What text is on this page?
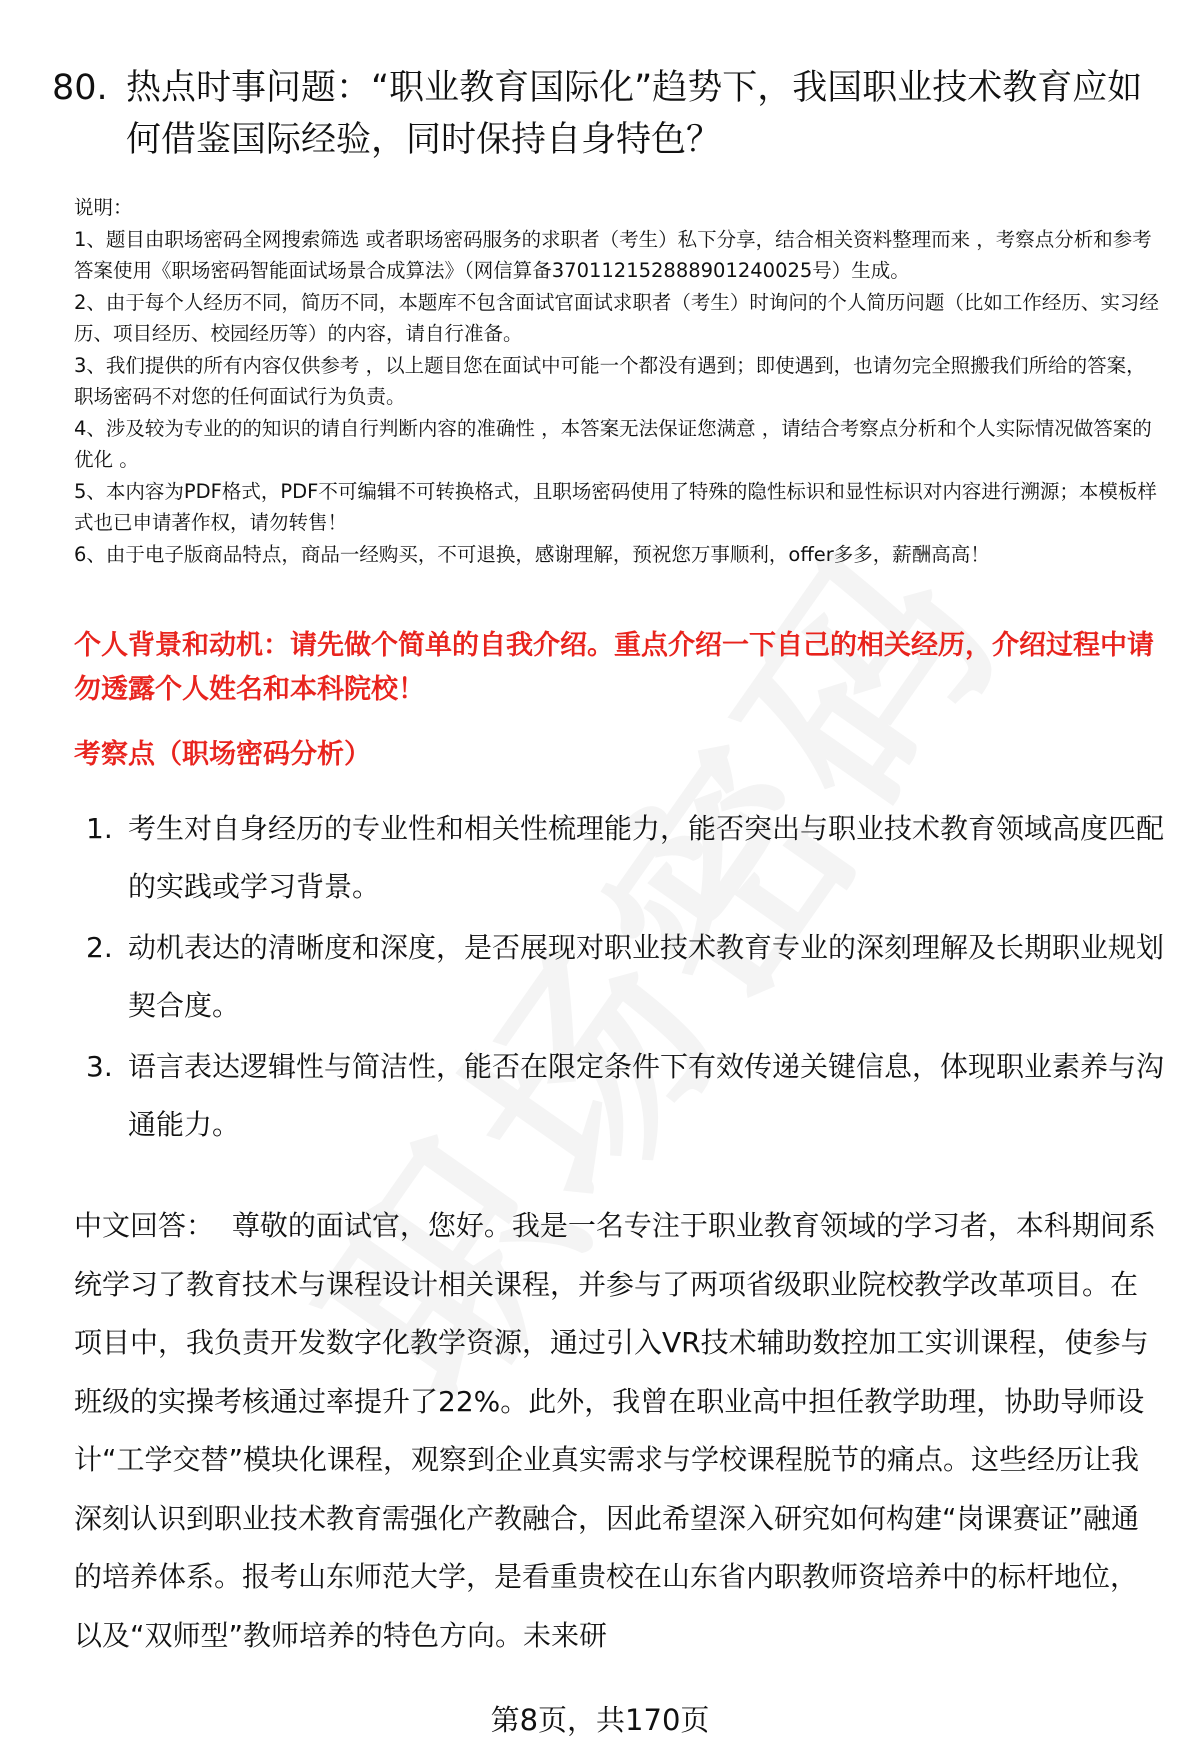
80. 热点时事问题：“职业教育国际化”趋势下，我国职业技术教育应如何借鉴国际经验，同时保持自身特色？

说明：

1、题目由职场密码全网搜索筛选 或者职场密码服务的求职者（考生）私下分享，结合相关资料整理而来 ，考察点分析和参考答案使用《职场密码智能面试场景合成算法》（网信算备370112152888901240025号）生成。

2、由于每个人经历不同，简历不同，本题库不包含面试官面试求职者（考生）时询问的个人简历问题（比如工作经历、实习经历、项目经历、校园经历等）的内容，请自行准备。

3、我们提供的所有内容仅供参考 ，以上题目您在面试中可能一个都没有遇到；即使遇到，也请勿完全照搬我们所给的答案，职场密码不对您的任何面试行为负责。

4、涉及较为专业的的知识的请自行判断内容的准确性 ，本答案无法保证您满意 ，请结合考察点分析和个人实际情况做答案的优化 。

5、本内容为PDF格式，PDF不可编辑不可转换格式，且职场密码使用了特殊的隐性标识和显性标识对内容进行溯源；本模板样式也已申请著作权，请勿转售！

6、由于电子版商品特点，商品一经购买，不可退换，感谢理解，预祝您万事顺利，offer多多，薪酬高高！

个人背景和动机：请先做个简单的自我介绍。重点介绍一下自己的相关经历，介绍过程中请勿透露个人姓名和本科院校！
考察点（职场密码分析）
1. 考生对自身经历的专业性和相关性梳理能力，能否突出与职业技术教育领域高度匹配的实践或学习背景。
2. 动机表达的清晰度和深度，是否展现对职业技术教育专业的深刻理解及长期职业规划契合度。
3. 语言表达逻辑性与简洁性，能否在限定条件下有效传递关键信息，体现职业素养与沟通能力。

中文回答： 尊敬的面试官，您好。我是一名专注于职业教育领域的学习者，本科期间系统学习了教育技术与课程设计相关课程，并参与了两项省级职业院校教学改革项目。在项目中，我负责开发数字化教学资源，通过引入VR技术辅助数控加工实训课程，使参与班级的实操考核通过率提升了22%。此外，我曾在职业高中担任教学助理，协助导师设计“工学交替”模块化课程，观察到企业真实需求与学校课程脱节的痛点。这些经历让我深刻认识到职业技术教育需强化产教融合，因此希望深入研究如何构建“岗课赛证”融通的培养体系。报考山东师范大学，是看重贵校在山东省内职教师资培养中的标杆地位，以及“双师型”教师培养的特色方向。未来研

第8页，共170页
